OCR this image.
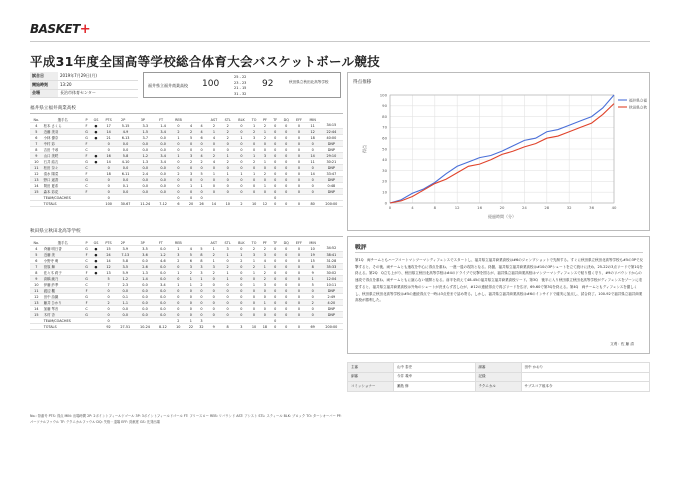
BASKET+
平成31年度全国高等学校総合体育大会バスケットボール競技
試合日	2019年7月29日(月)
開始時刻	13:20
会場	長治市体育センター
福井県立福井商業高校 100
25 - 22
23 - 23
21 - 15
31 - 32
92	秋田県立秋田北高等学校
福井県立福井商業高校
No.	選手名	P	GS	PTS	2P		3P		FT		REB			AST	STL	BLK	TO	PF	TF	DQ	EFF	MIN	
4	松本 さくら	F	●	17	5-15		3-3		1-4		0	4	4	2	2	0	1	2	0	0	0	11	34:15
5	近藤 美羽	G	●	14	4-9		1-5		3-4		2	2	4	1	2	0	2	1	0	0	0	12	22:44
6	小林 優奈	G	●	21	6-13		3-7		0-0		1	5	6	4	2	1	3	2	0	0	0	18	40:00
7	中村 彩	F		0	0-0		0-0		0-0		0	0	0	0	0	0	0	0	0	0	0	0	DNP
8	吉田 千尋	C		0	0-0		0-0		0-0		0	0	0	0	0	0	0	0	0	0	0	0	DNP
9	山口 美咲	F	●	16	5-8		1-2		3-4		1	3	4	2	1	0	1	3	0	0	0	14	29:10
10	石井 結衣	G	●	14	4-10		1-3		3-4		0	2	2	4	2	0	2	1	0	0	0	11	30:21
11	松田 奈々	C		0	0-0		0-0		0-0		0	0	0	0	0	0	0	0	0	0	0	0	DNP
12	清水 陽菜	F		18	6-11		2-4		0-0		2	3	5	1	1	1	1	2	0	0	0	14	33:47
13	野口 遥香	G		0	0-0		0-0		0-0		0	0	0	0	0	0	0	0	0	0	0	0	DNP
14	岡田 夏希	C		0	0-1		0-0		0-0		0	1	1	0	0	0	0	1	0	0	0	0	0:48
15	森本 彩花	F		0	0-0		0-0		0-0		0	0	0	0	0	0	0	0	0	0	0	0	DNP
	TEAM/COACHES			0							0	0	0						0				
	TOTALS			100	30-67		11-24		7-12		6	20	26	14	10	2	10	12	0	0	0	80	200:00
秋田県立秋田北高等学校
No.	選手名	P	GS	PTS	2P		3P		FT		REB			AST	STL	BLK	TO	PF	TF	DQ	EFF	MIN	
4	斉藤 明日香	G	●	15	3-9		3-5		0-0		1	4	5	1	3	0	2	2	0	0	0	10	34:52
5	近藤 美	F	●	24	7-13		3-6		1-2		3	5	8	2	1	1	3	3	0	0	0	19	38:41
6	小野寺 萌	C	●	14	5-8		0-0		4-6		2	6	8	1	0	2	1	4	0	0	0	15	31:28
7	菅原 舞	G	●	12	3-5		2-6		0-0		0	3	3	3	2	0	2	1	0	0	0	8	35:33
8	佐々木 莉子	F	●	13	5-9		1-3		0-0		1	2	3	2	1	0	1	2	0	0	0	9	30:02
9	高橋 綾乃	G		5	1-2		1-4		0-0		0	1	1	0	1	0	0	2	0	0	0	1	12:04
10	伊藤 紗季	C		7	2-3		0-0		3-4		1	1	2	0	0	0	1	3	0	0	0	5	10:11
11	渡辺 楓	F		0	0-0		0-0		0-0		0	0	0	0	0	0	0	0	0	0	0	0	DNP
12	田中 詩織	G		0	0-1		0-0		0-0		0	0	0	0	0	0	0	0	0	0	0	0	2:49
13	藤井 ひかり	F		2	1-1		0-0		0-0		0	0	0	0	0	0	0	1	0	0	0	2	4:20
14	加藤 琴音	C		0	0-0		0-0		0-0		0	0	0	0	0	0	0	0	0	0	0	0	DNP
15	木村 杏	G		0	0-0		0-0		0-0		0	0	0	0	0	0	0	0	0	0	0	0	DNP
	TEAM/COACHES			0							2	1	3						0				
	TOTALS			92	27-51		10-24		8-12		10	22	32	9	8	3	10	18	0	0	0	69	200:00
No.: 背番号 PTS: 得点 MIN: 出場時間 2P: 2ポイントフィールドゴール 3P: 3ポイントフィールドゴール FT: フリースロー REB: リバウンド AST: アシスト STL: スティール BLK: ブロック TO: ターンオーバー PF: パーソナルファウル TF: テクニカルファウル DQ: 失格・退場 EFF: 貢献度 GS: 先発出場
得点推移
0
10
20
30
40
50
60
70
80
90
100
0	4	8	12	16	20	24	28	32	36	40
経過時間（分）
得点
福井県立福
秋田県立秋
戦評
第1Q　両チームともハーフコートマンツーマンディフェンスでスタートし、福井県立福井商業高校は#6のジャンプショットで先制する。すぐに秋田県立秋田北高等学校も#5の3Pで反撃すると、その後、両チームとも速攻を中心に得点を重ね、一進一退の攻防となる。終盤、福井県立福井商業高校は#10の3Pシュートを立て続けに決め、25-22の3点リードで第1Qを終える。第2Q　Q立ち上がり、秋田県立秋田北高等学校は#4のドライブで反撃を図るが、福井県立福井商業高校はマンツーマンディフェンスで粘り強く守り、#9のリバウンドからの速攻で得点を重ね、両チームともに譲らない展開となる。前半を終えて48-45の福井県立福井商業高校リード。第3Q　後半に入り秋田県立秋田北高等学校がディフェンスをゾーンに変更すると、福井県立福井商業高校は外角のシュートが決まらず苦しむが、#12の連続得点で再びリードを広げ、69-60で第3Qを終える。第4Q　両チームともディフェンスを激しくし、秋田県立秋田北高等学校は#5の連続得点で一時は3点差まで詰め寄る。しかし、福井県立福井商業高校は#6のインサイドで確実に加点し、試合終了。100-92で福井県立福井商業高校が勝利した。
文責：佐 藤 清
主審	山中 泰史	副審	田中 かおり
副審	今井 義幸	記録	
コミッショナー	瀬島 修	テクニカル	サブスコア坂本今
